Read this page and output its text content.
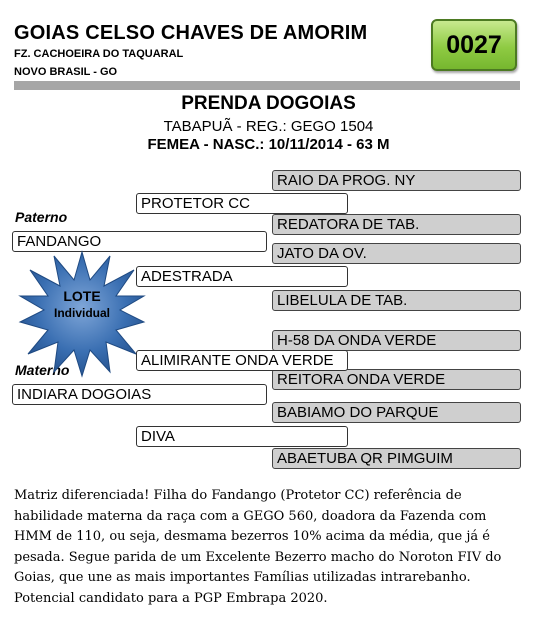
GOIAS CELSO CHAVES DE AMORIM
FZ. CACHOEIRA DO TAQUARAL
NOVO BRASIL - GO
0027
PRENDA DOGOIAS
TABAPUÃ - REG.: GEGO 1504
FEMEA - NASC.: 10/11/2014 - 63 M
RAIO DA PROG. NY
REDATORA DE TAB.
JATO DA OV.
LIBELULA DE TAB.
H-58 DA ONDA VERDE
REITORA ONDA VERDE
BABIAMO DO PARQUE
ABAETUBA QR PIMGUIM
PROTETOR CC
ADESTRADA
ALIMIRANTE ONDA VERDE
DIVA
Paterno
FANDANGO
Materno
INDIARA DOGOIAS
LOTE
Individual
Matriz diferenciada! Filha do Fandango (Protetor CC) referência de habilidade materna da raça com a GEGO 560, doadora da Fazenda com HMM de 110, ou seja, desmama bezerros 10% acima da média, que já é pesada. Segue parida de um Excelente Bezerro macho do Noroton FIV do Goias, que une as mais importantes Famílias utilizadas intrarebanho. Potencial candidato para a PGP Embrapa 2020.
